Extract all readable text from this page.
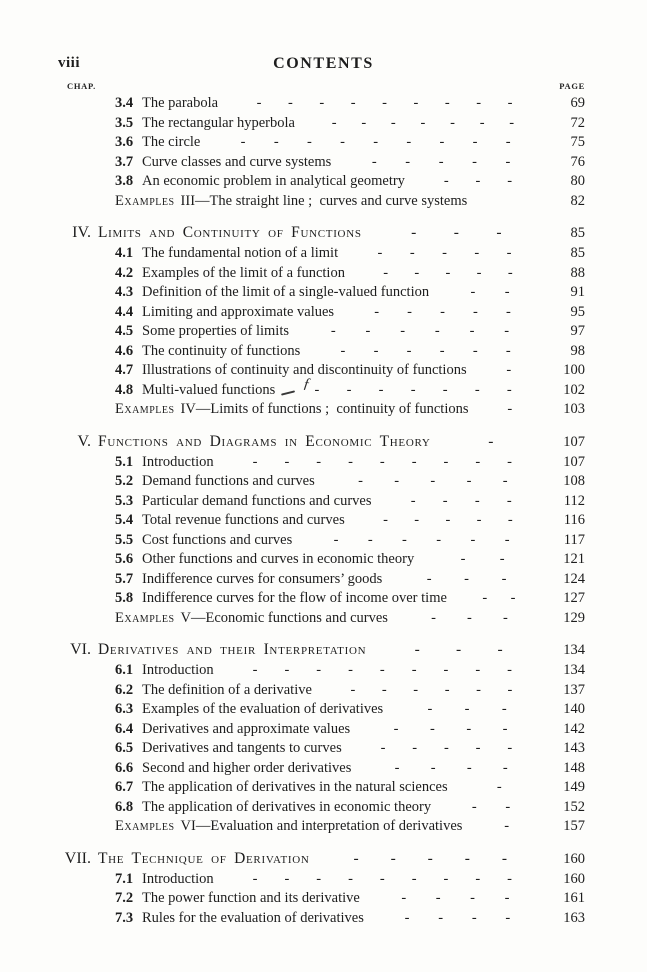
viii	CONTENTS
CHAP.	PAGE
3.4 The parabola	- - - - - - - - -	69
3.5 The rectangular hyperbola	- - - - - - -	72
3.6 The circle	- - - - - - - - -	75
3.7 Curve classes and curve systems	- - - - -	76
3.8 An economic problem in analytical geometry	- - -	80
Examples III—The straight line ;  curves and curve systems	82
IV. Limits and Continuity of Functions	- - -	85
4.1 The fundamental notion of a limit	- - - - -	85
4.2 Examples of the limit of a function	- - - - -	88
4.3 Definition of the limit of a single-valued function	- -	91
4.4 Limiting and approximate values	- - - - -	95
4.5 Some properties of limits	- - - - - -	97
4.6 The continuity of functions	- - - - - -	98
4.7 Illustrations of continuity and discontinuity of functions	-	100
4.8 Multi-valued functions	- - - - - - -	102
Examples IV—Limits of functions ;  continuity of functions	-	103
V. Functions and Diagrams in Economic Theory	-	107
5.1 Introduction	- - - - - - - - -	107
5.2 Demand functions and curves	- - - - -	108
5.3 Particular demand functions and curves	- - - -	112
5.4 Total revenue functions and curves	- - - - -	116
5.5 Cost functions and curves	- - - - - -	117
5.6 Other functions and curves in economic theory	- -	121
5.7 Indifference curves for consumers’ goods	- - -	124
5.8 Indifference curves for the flow of income over time - -	127
Examples V—Economic functions and curves	- - -	129
VI. Derivatives and their Interpretation	- - -	134
6.1 Introduction	- - - - - - - - -	134
6.2 The definition of a derivative	- - - - - -	137
6.3 Examples of the evaluation of derivatives	- - -	140
6.4 Derivatives and approximate values	- - - -	142
6.5 Derivatives and tangents to curves	- - - - -	143
6.6 Second and higher order derivatives	- - - -	148
6.7 The application of derivatives in the natural sciences	-	149
6.8 The application of derivatives in economic theory	- -	152
Examples VI—Evaluation and interpretation of derivatives	-	157
VII. The Technique of Derivation	- - - - -	160
7.1 Introduction	- - - - - - - - -	160
7.2 The power function and its derivative	- - - -	161
7.3 Rules for the evaluation of derivatives	- - - -	163
ƒ
